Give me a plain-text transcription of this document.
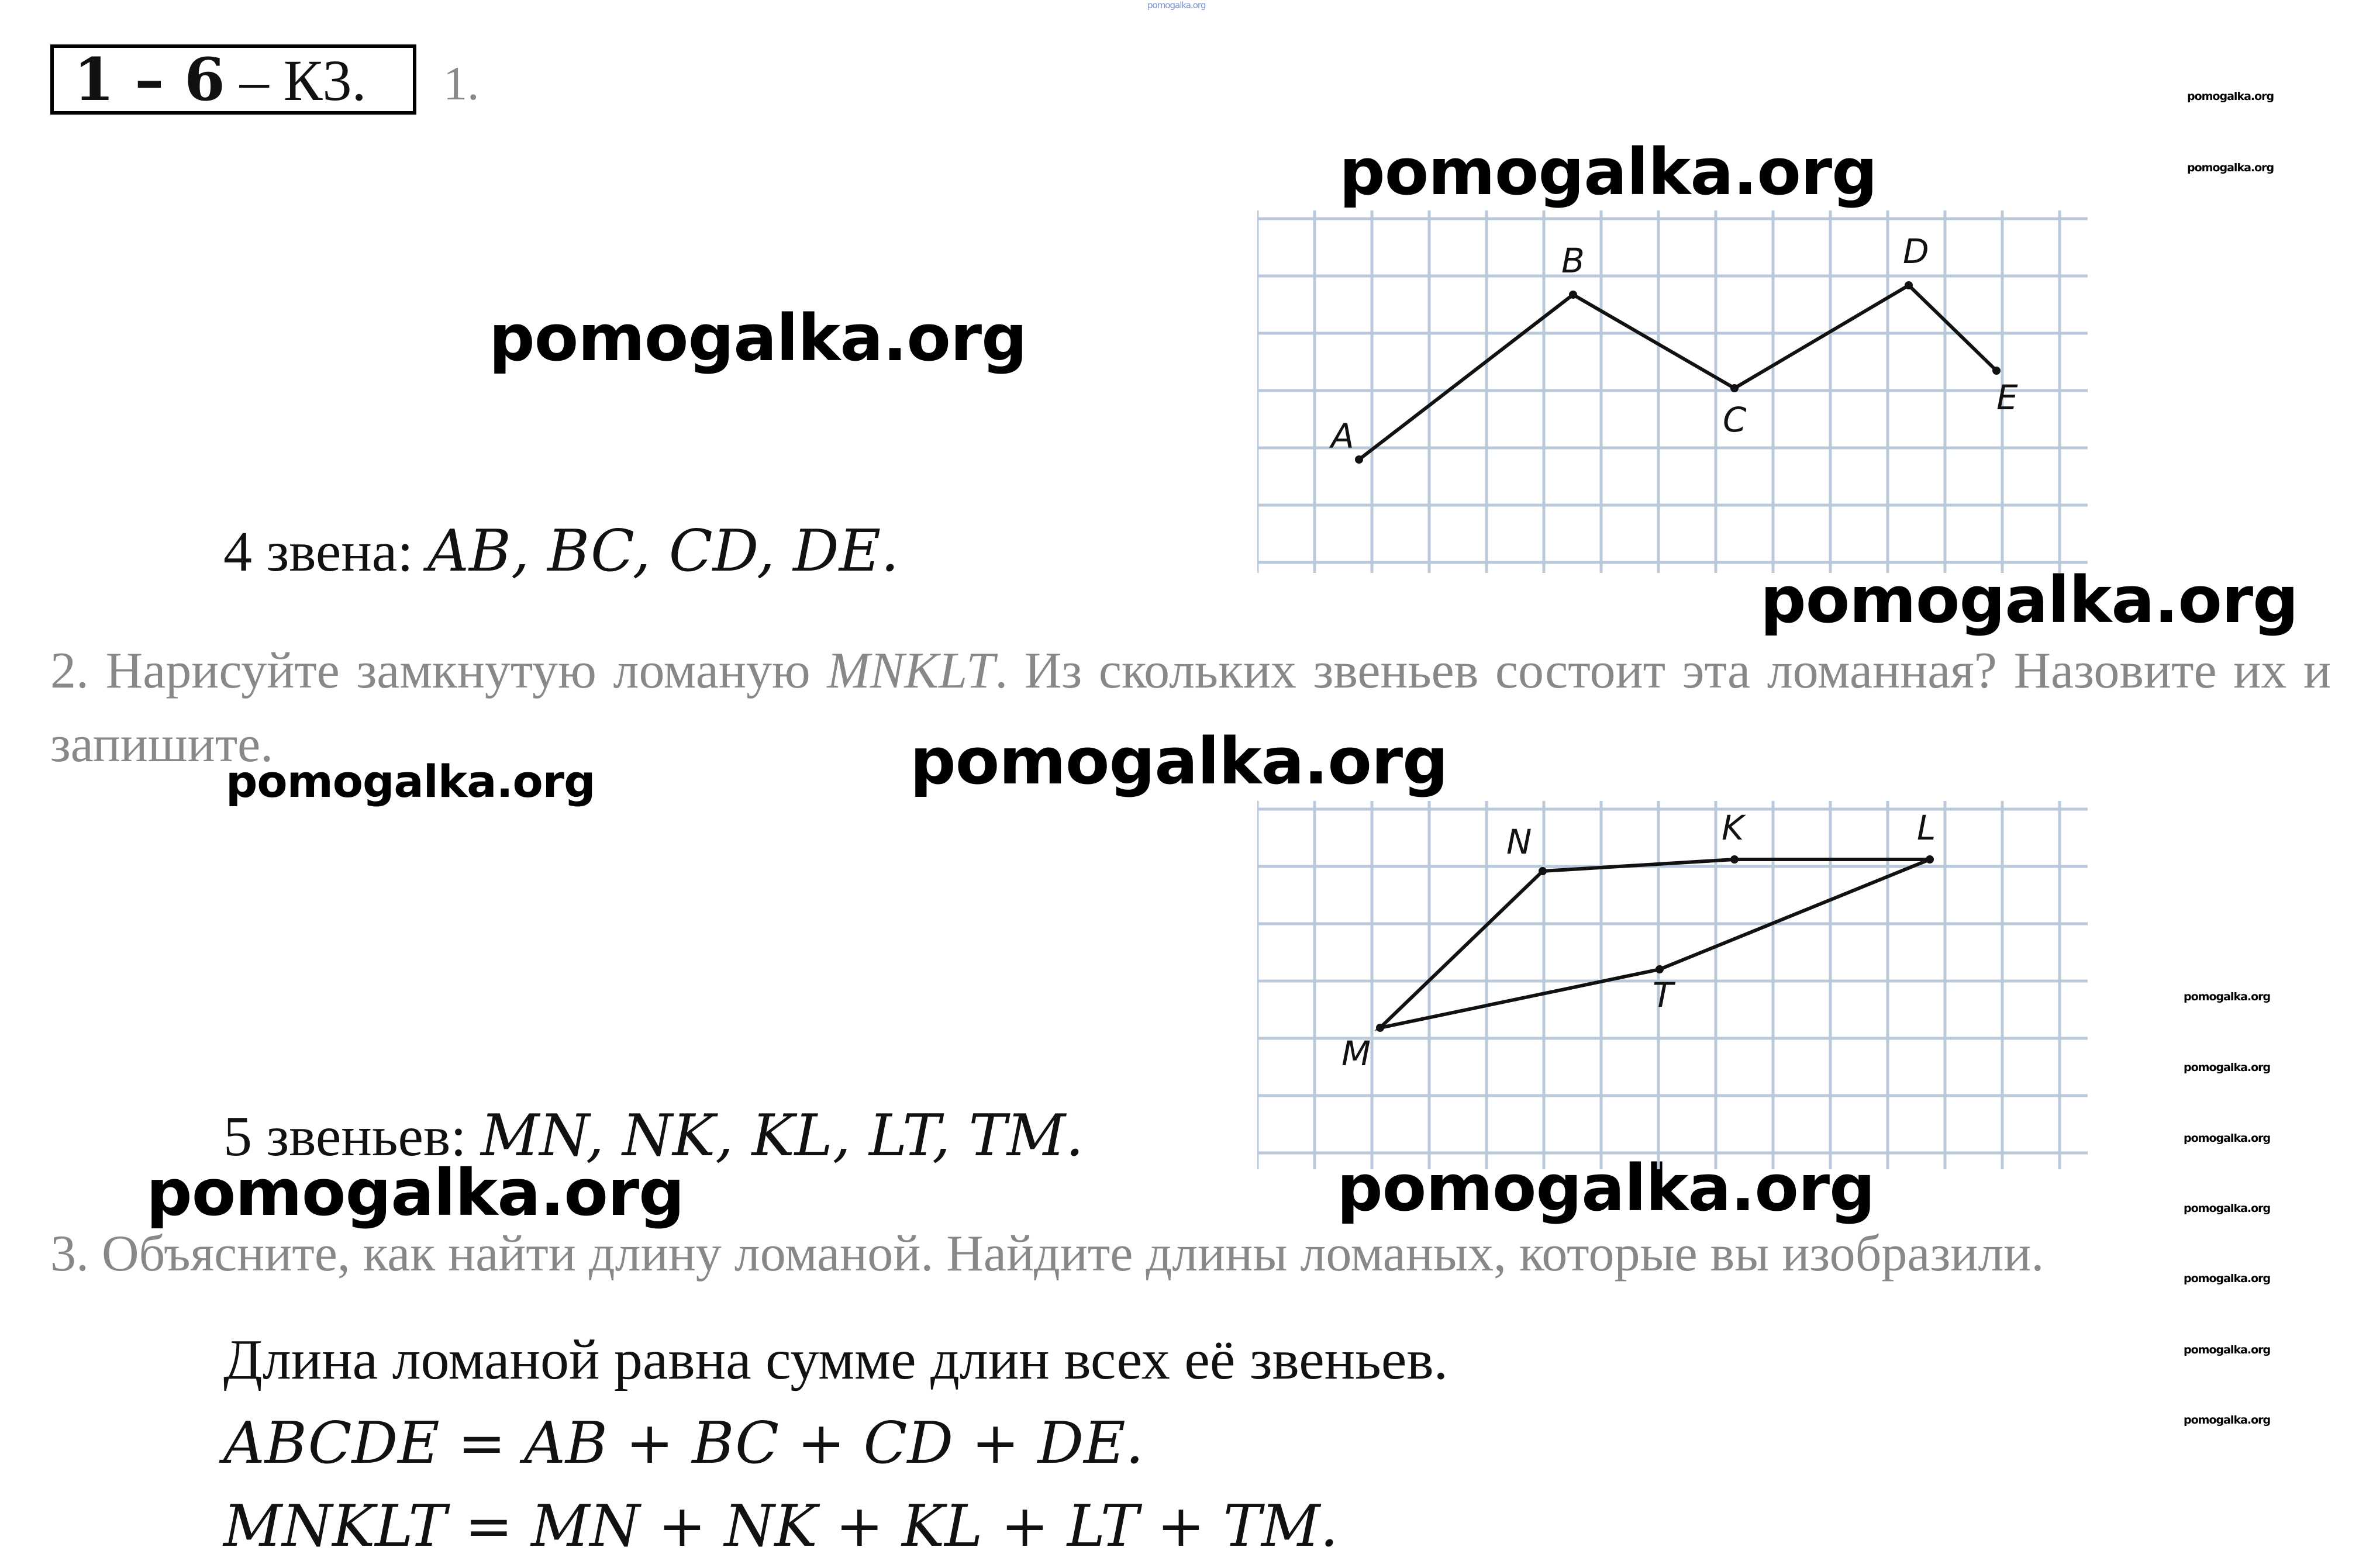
pomogalka.org
1 – 6 – К3.	1.
pomogalka.org
pomogalka.org
pomogalka.org
pomogalka.org
pomogalka.org
pomogalka.org	pomogalka.org
pomogalka.org
pomogalka.org
pomogalka.org
pomogalka.org
pomogalka.org
pomogalka.org
pomogalka.org
pomogalka.org
pomogalka.org
A
B
C
D
E
4 звена: AB, BC, CD, DE.
2. Нарисуйте замкнутую ломаную MNKLT. Из скольких звеньев состоит эта ломанная? Назовите их и запишите.
M
N	K	L
T
5 звеньев: MN, NK, KL, LT, TM.
3. Объясните, как найти длину ломаной. Найдите длины ломаных, которые вы изобразили.
Длина ломаной равна сумме длин всех её звеньев.
ABCDE = AB + BC + CD + DE.
MNKLT = MN + NK + KL + LT + TM.
